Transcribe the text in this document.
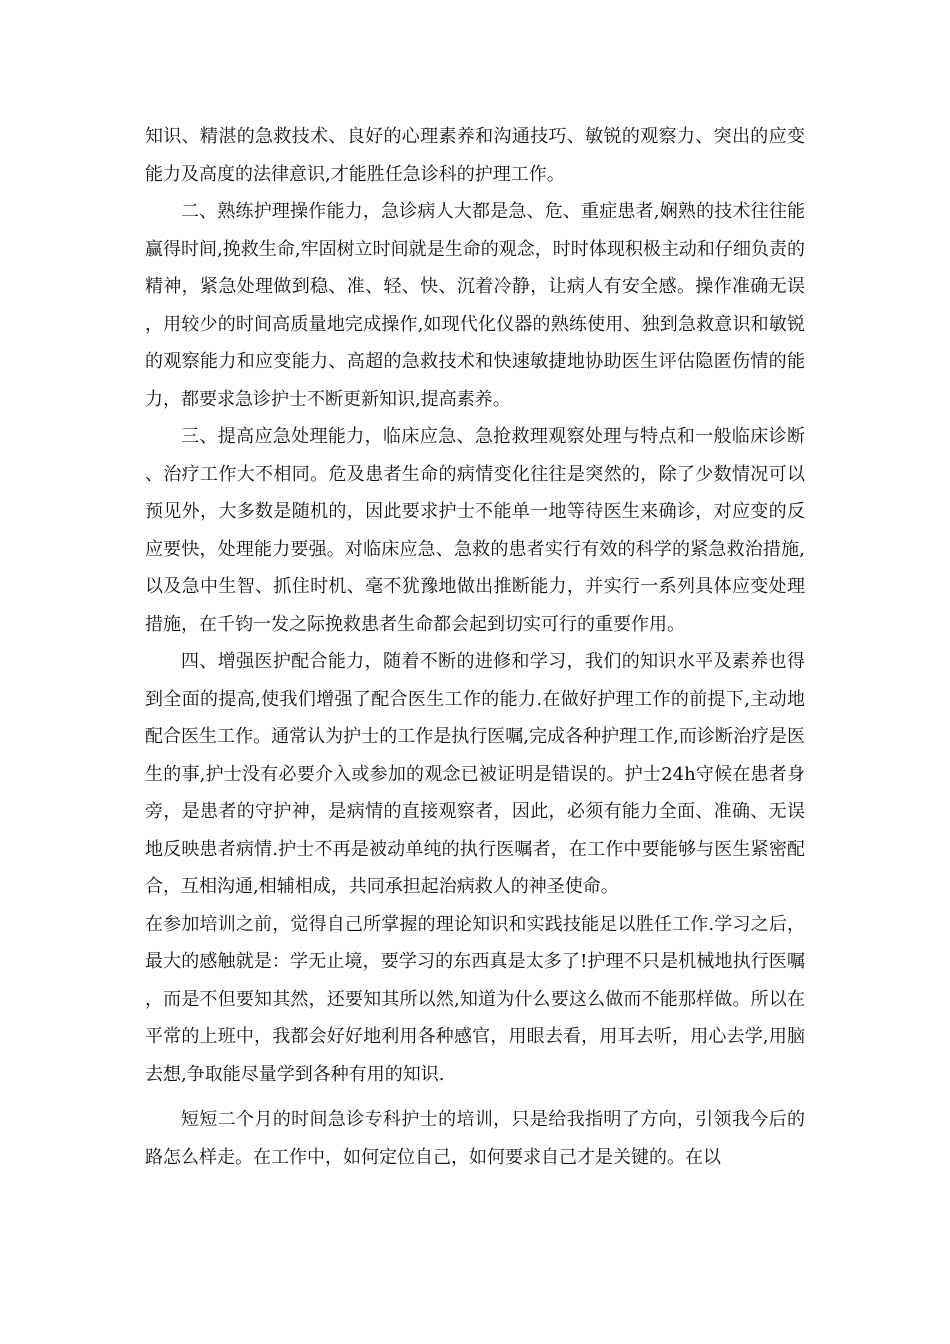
知识、精湛的急救技术、良好的心理素养和沟通技巧、敏锐的观察力、突出的应变能力及高度的法律意识,才能胜任急诊科的护理工作。

二、熟练护理操作能力，急诊病人大都是急、危、重症患者,娴熟的技术往往能赢得时间,挽救生命,牢固树立时间就是生命的观念，时时体现积极主动和仔细负责的精神，紧急处理做到稳、准、轻、快、沉着冷静，让病人有安全感。操作准确无误，用较少的时间高质量地完成操作,如现代化仪器的熟练使用、独到急救意识和敏锐的观察能力和应变能力、高超的急救技术和快速敏捷地协助医生评估隐匿伤情的能力，都要求急诊护士不断更新知识,提高素养。

三、提高应急处理能力，临床应急、急抢救理观察处理与特点和一般临床诊断、治疗工作大不相同。危及患者生命的病情变化往往是突然的，除了少数情况可以预见外，大多数是随机的，因此要求护士不能单一地等待医生来确诊，对应变的反应要快，处理能力要强。对临床应急、急救的患者实行有效的科学的紧急救治措施,以及急中生智、抓住时机、毫不犹豫地做出推断能力，并实行一系列具体应变处理措施，在千钧一发之际挽救患者生命都会起到切实可行的重要作用。

四、增强医护配合能力，随着不断的进修和学习，我们的知识水平及素养也得到全面的提高,使我们增强了配合医生工作的能力.在做好护理工作的前提下,主动地配合医生工作。通常认为护士的工作是执行医嘱,完成各种护理工作,而诊断治疗是医生的事,护士没有必要介入或参加的观念已被证明是错误的。护士24h守候在患者身旁，是患者的守护神，是病情的直接观察者，因此，必须有能力全面、准确、无误地反映患者病情.护士不再是被动单纯的执行医嘱者，在工作中要能够与医生紧密配合，互相沟通,相辅相成，共同承担起治病救人的神圣使命。

在参加培训之前，觉得自己所掌握的理论知识和实践技能足以胜任工作.学习之后，最大的感触就是：学无止境，要学习的东西真是太多了!护理不只是机械地执行医嘱，而是不但要知其然，还要知其所以然,知道为什么要这么做而不能那样做。所以在平常的上班中，我都会好好地利用各种感官，用眼去看，用耳去听，用心去学,用脑去想,争取能尽量学到各种有用的知识.

短短二个月的时间急诊专科护士的培训，只是给我指明了方向，引领我今后的路怎么样走。在工作中，如何定位自己，如何要求自己才是关键的。在以
